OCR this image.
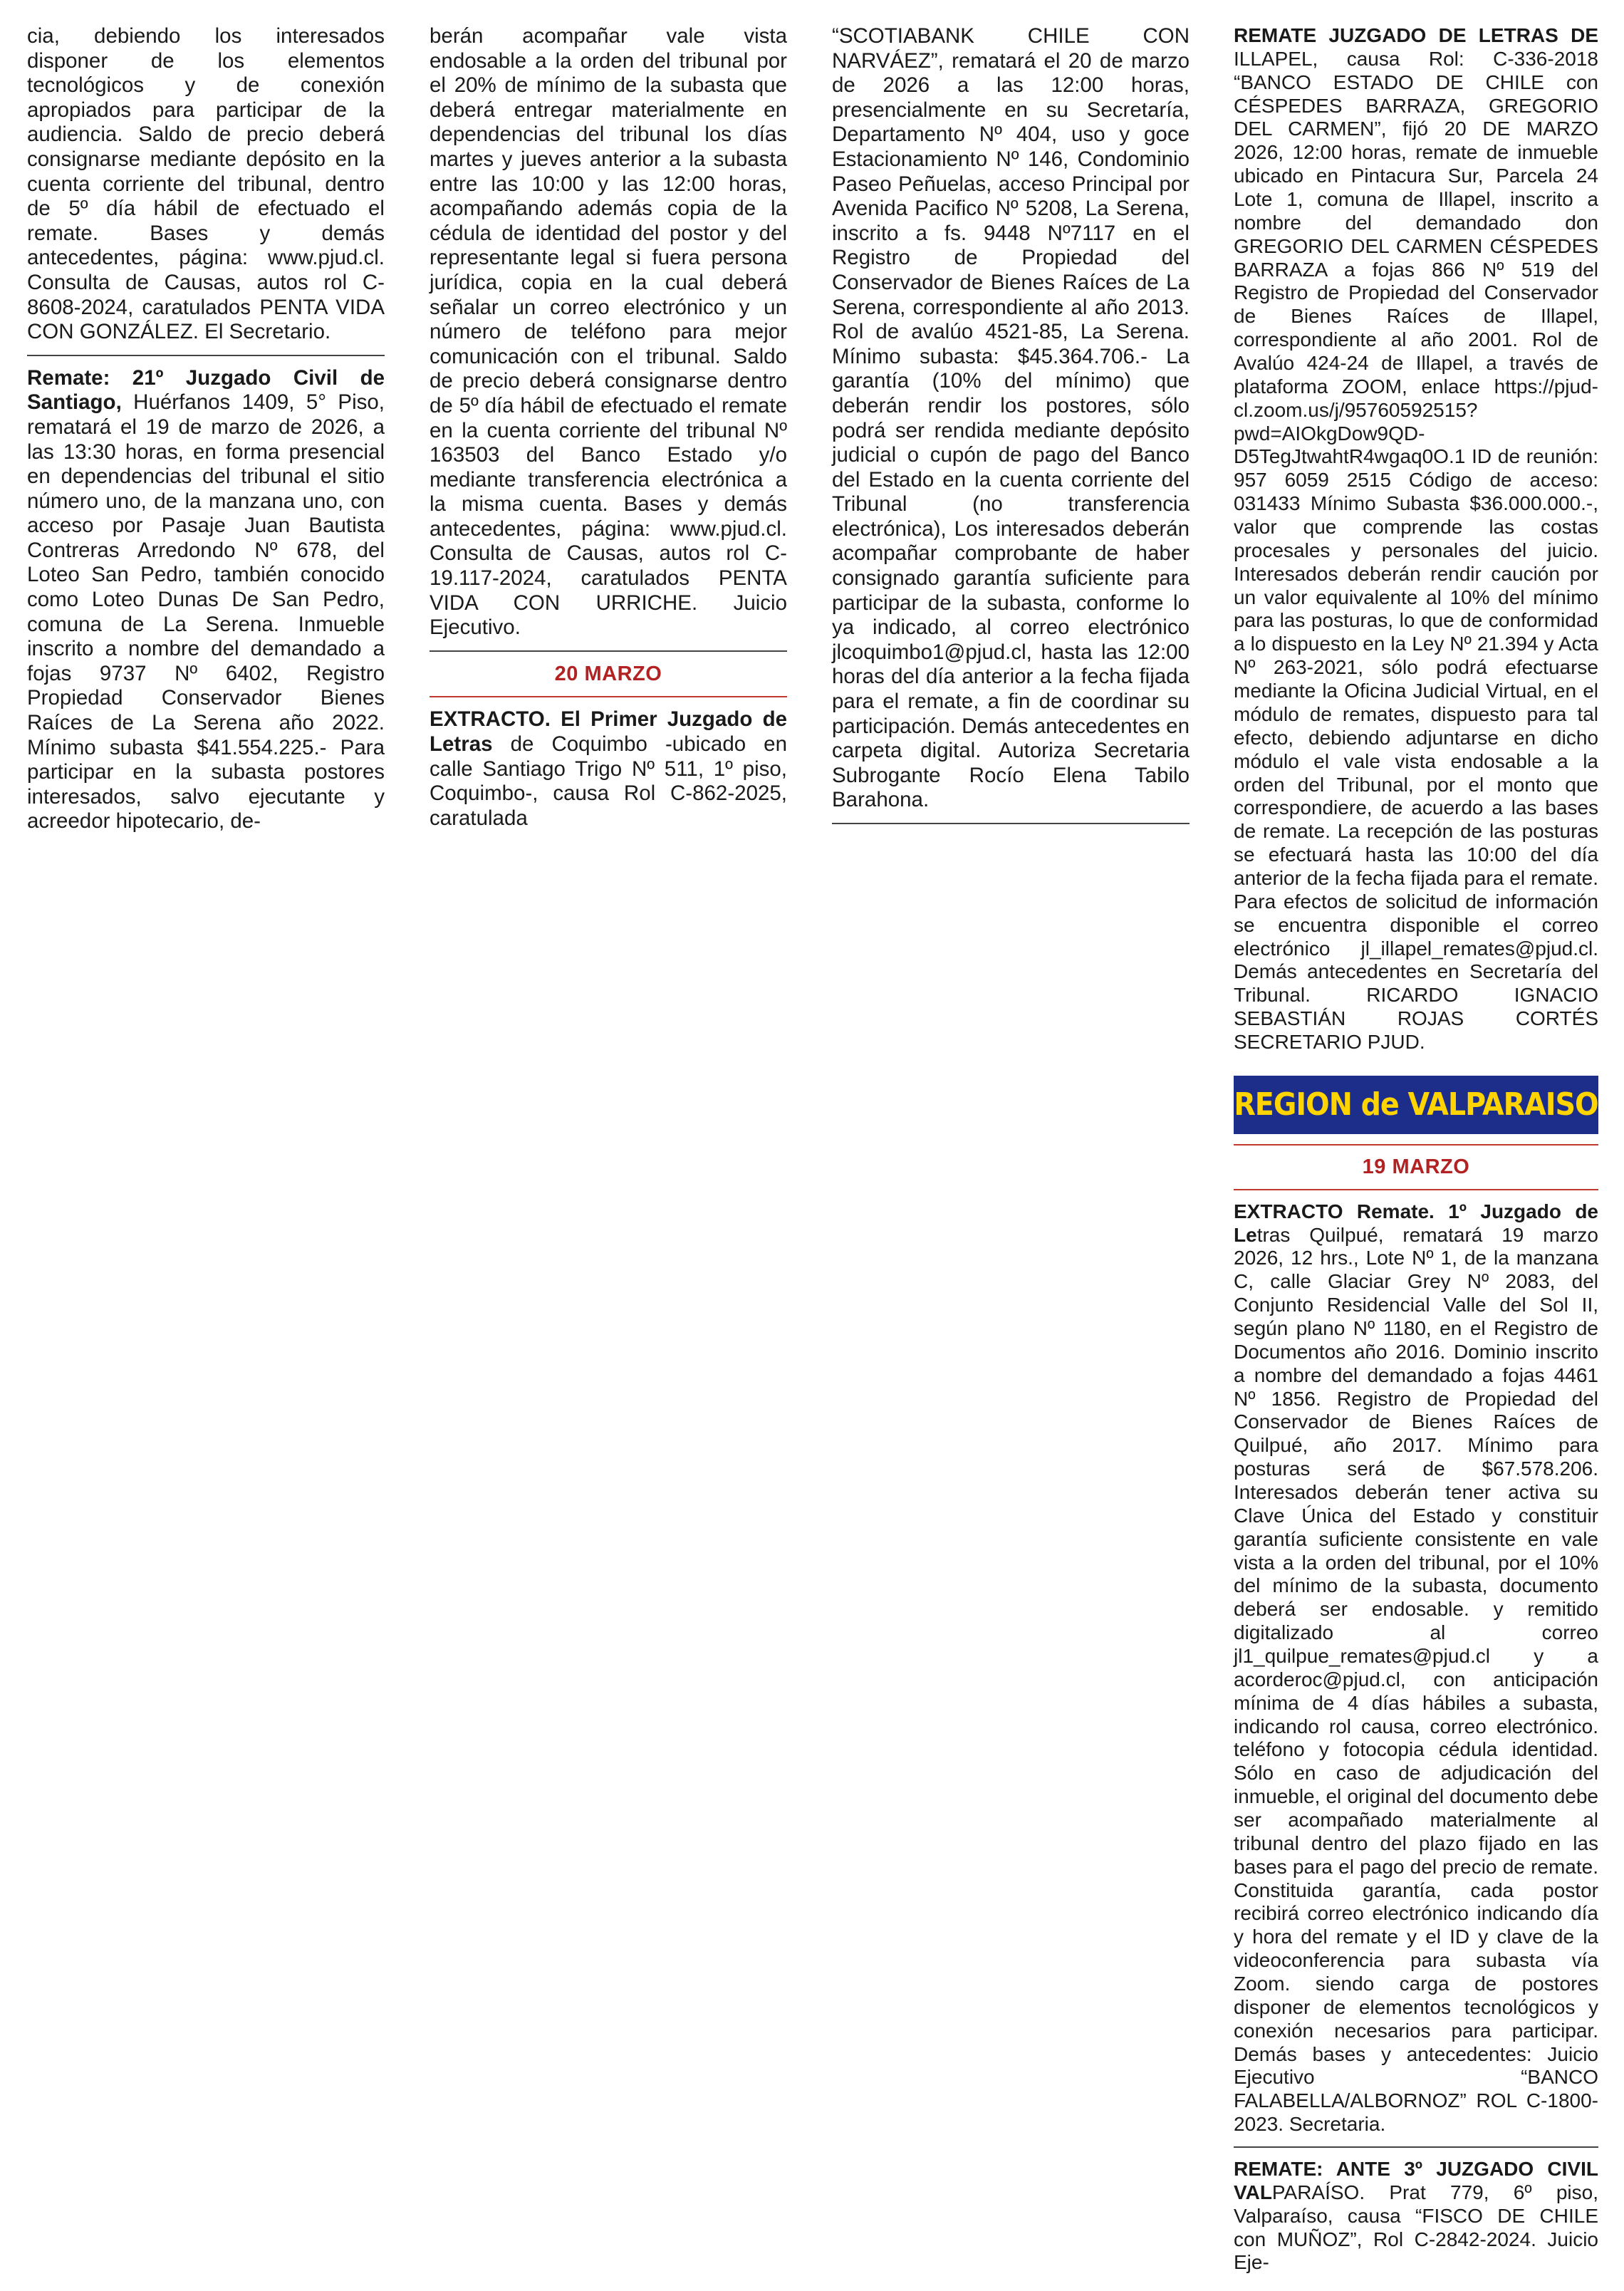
cia, debiendo los interesados disponer de los elementos tecnológicos y de conexión apropiados para participar de la audiencia. Saldo de precio deberá consignarse mediante depósito en la cuenta corriente del tribunal, dentro de 5º día hábil de efectuado el remate. Bases y demás antecedentes, página: www.pjud.cl. Consulta de Causas, autos rol C-8608-2024, caratulados PENTA VIDA CON GONZÁLEZ. El Secretario.

Remate: 21º Juzgado Civil de Santiago, Huérfanos 1409, 5° Piso, rematará el 19 de marzo de 2026, a las 13:30 horas, en forma presencial en dependencias del tribunal el sitio número uno, de la manzana uno, con acceso por Pasaje Juan Bautista Contreras Arredondo Nº 678, del Loteo San Pedro, también conocido como Loteo Dunas De San Pedro, comuna de La Serena. Inmueble inscrito a nombre del demandado a fojas 9737 Nº 6402, Registro Propiedad Conservador Bienes Raíces de La Serena año 2022. Mínimo subasta $41.554.225.- Para participar en la subasta postores interesados, salvo ejecutante y acreedor hipotecario, de-

berán acompañar vale vista endosable a la orden del tribunal por el 20% de mínimo de la subasta que deberá entregar materialmente en dependencias del tribunal los días martes y jueves anterior a la subasta entre las 10:00 y las 12:00 horas, acompañando además copia de la cédula de identidad del postor y del representante legal si fuera persona jurídica, copia en la cual deberá señalar un correo electrónico y un número de teléfono para mejor comunicación con el tribunal. Saldo de precio deberá consignarse dentro de 5º día hábil de efectuado el remate en la cuenta corriente del tribunal Nº 163503 del Banco Estado y/o mediante transferencia electrónica a la misma cuenta. Bases y demás antecedentes, página: www.pjud.cl. Consulta de Causas, autos rol C-19.117-2024, caratulados PENTA VIDA CON URRICHE. Juicio Ejecutivo.

20 MARZO

EXTRACTO. El Primer Juzgado de Letras de Coquimbo -ubicado en calle Santiago Trigo Nº 511, 1º piso, Coquimbo-, causa Rol C-862-2025, caratulada

“SCOTIABANK CHILE CON NARVÁEZ”, rematará el 20 de marzo de 2026 a las 12:00 horas, presencialmente en su Secretaría, Departamento Nº 404, uso y goce Estacionamiento Nº 146, Condominio Paseo Peñuelas, acceso Principal por Avenida Pacifico Nº 5208, La Serena, inscrito a fs. 9448 Nº7117 en el Registro de Propiedad del Conservador de Bienes Raíces de La Serena, correspondiente al año 2013. Rol de avalúo 4521-85, La Serena. Mínimo subasta: $45.364.706.- La garantía (10% del mínimo) que deberán rendir los postores, sólo podrá ser rendida mediante depósito judicial o cupón de pago del Banco del Estado en la cuenta corriente del Tribunal (no transferencia electrónica), Los interesados deberán acompañar comprobante de haber consignado garantía suficiente para participar de la subasta, conforme lo ya indicado, al correo electrónico jlcoquimbo1@pjud.cl, hasta las 12:00 horas del día anterior a la fecha fijada para el remate, a fin de coordinar su participación. Demás antecedentes en carpeta digital. Autoriza Secretaria Subrogante Rocío Elena Tabilo Barahona.

REMATE JUZGADO DE LETRAS DE ILLAPEL, causa Rol: C-336-2018 “BANCO ESTADO DE CHILE con CÉSPEDES BARRAZA, GREGORIO DEL CARMEN”, fijó 20 DE MARZO 2026, 12:00 horas, remate de inmueble ubicado en Pintacura Sur, Parcela 24 Lote 1, comuna de Illapel, inscrito a nombre del demandado don GREGORIO DEL CARMEN CÉSPEDES BARRAZA a fojas 866 Nº 519 del Registro de Propiedad del Conservador de Bienes Raíces de Illapel, correspondiente al año 2001. Rol de Avalúo 424-24 de Illapel, a través de plataforma ZOOM, enlace https://pjud-cl.zoom.us/j/95760592515?pwd=AIOkgDow9QD-D5TegJtwahtR4wgaq0O.1 ID de reunión: 957 6059 2515 Código de acceso: 031433 Mínimo Subasta $36.000.000.-, valor que comprende las costas procesales y personales del juicio. Interesados deberán rendir caución por un valor equivalente al 10% del mínimo para las posturas, lo que de conformidad a lo dispuesto en la Ley Nº 21.394 y Acta Nº 263-2021, sólo podrá efectuarse mediante la Oficina Judicial Virtual, en el módulo de remates, dispuesto para tal efecto, debiendo adjuntarse en dicho módulo el vale vista endosable a la orden del Tribunal, por el monto que correspondiere, de acuerdo a las bases de remate. La recepción de las posturas se efectuará hasta las 10:00 del día anterior de la fecha fijada para el remate. Para efectos de solicitud de información se encuentra disponible el correo electrónico jl_illapel_remates@pjud.cl. Demás antecedentes en Secretaría del Tribunal. RICARDO IGNACIO SEBASTIÁN ROJAS CORTÉS SECRETARIO PJUD.

REGION de VALPARAISO
19 MARZO

EXTRACTO Remate. 1º Juzgado de Letras Quilpué, rematará 19 marzo 2026, 12 hrs., Lote Nº 1, de la manzana C, calle Glaciar Grey Nº 2083, del Conjunto Residencial Valle del Sol II, según plano Nº 1180, en el Registro de Documentos año 2016. Dominio inscrito a nombre del demandado a fojas 4461 Nº 1856. Registro de Propiedad del Conservador de Bienes Raíces de Quilpué, año 2017. Mínimo para posturas será de $67.578.206. Interesados deberán tener activa su Clave Única del Estado y constituir garantía suficiente consistente en vale vista a la orden del tribunal, por el 10% del mínimo de la subasta, documento deberá ser endosable. y remitido digitalizado al correo jl1_quilpue_remates@pjud.cl y a acorderoc@pjud.cl, con anticipación mínima de 4 días hábiles a subasta, indicando rol causa, correo electrónico. teléfono y fotocopia cédula identidad. Sólo en caso de adjudicación del inmueble, el original del documento debe ser acompañado materialmente al tribunal dentro del plazo fijado en las bases para el pago del precio de remate. Constituida garantía, cada postor recibirá correo electrónico indicando día y hora del remate y el ID y clave de la videoconferencia para subasta vía Zoom. siendo carga de postores disponer de elementos tecnológicos y conexión necesarios para participar. Demás bases y antecedentes: Juicio Ejecutivo “BANCO FALABELLA/ALBORNOZ” ROL C-1800-2023. Secretaria.

REMATE: ANTE 3º JUZGADO CIVIL VALPARAÍSO. Prat 779, 6º piso, Valparaíso, causa “FISCO DE CHILE con MUÑOZ”, Rol C-2842-2024. Juicio Eje-
